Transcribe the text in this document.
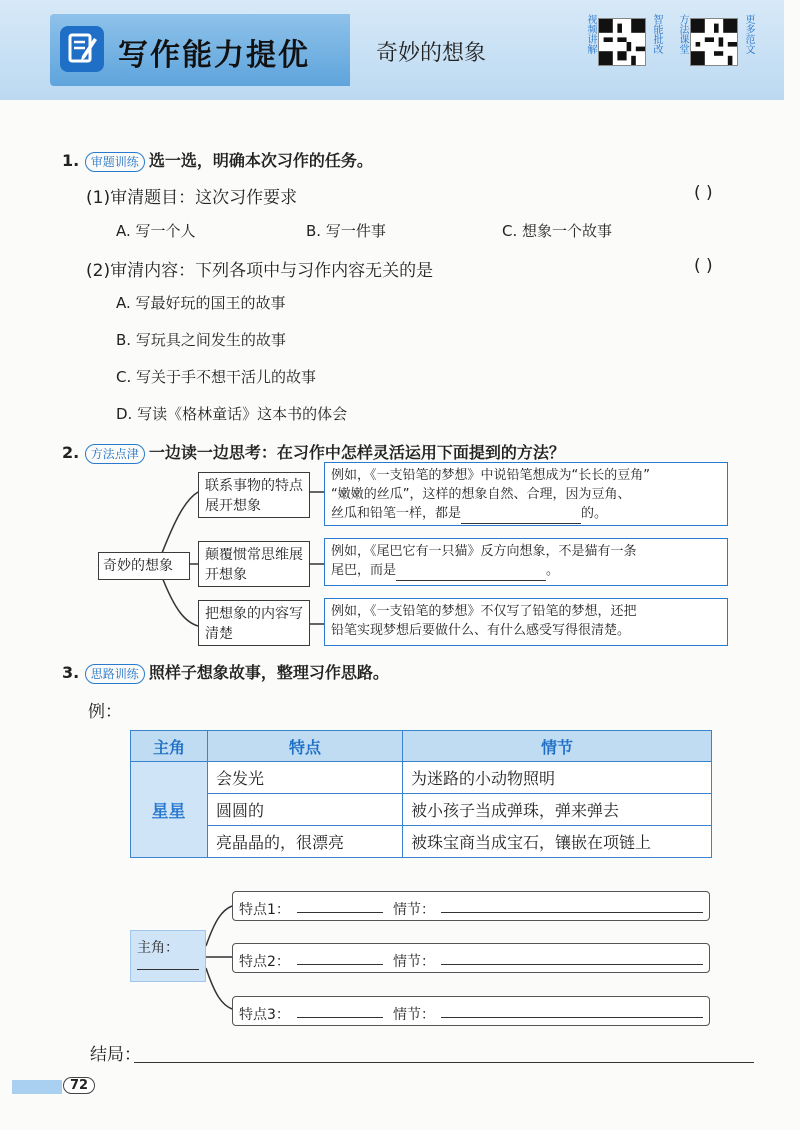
写作能力提优	奇妙的想象	视频讲解	智能批改 方法课堂	更多范文
1. 审题训练 选一选，明确本次习作的任务。
(1)审清题目：这次习作要求	( )
A. 写一个人	B. 写一件事	C. 想象一个故事
(2)审清内容：下列各项中与习作内容无关的是	( )
A. 写最好玩的国王的故事
B. 写玩具之间发生的故事
C. 写关于手不想干活儿的故事
D. 写读《格林童话》这本书的体会
2. 方法点津 一边读一边思考：在习作中怎样灵活运用下面提到的方法？
奇妙的想象
联系事物的特点展开想象
例如，《一支铅笔的梦想》中说铅笔想成为“长长的豆角”
“嫩嫩的丝瓜”，这样的想象自然、合理，因为豆角、
丝瓜和铅笔一样，都是	的。
颠覆惯常思维展开想象
例如，《尾巴它有一只猫》反方向想象，不是猫有一条
尾巴，而是	。
把想象的内容写清楚
例如，《一支铅笔的梦想》不仅写了铅笔的梦想，还把
铅笔实现梦想后要做什么、有什么感受写得很清楚。
3. 思路训练 照样子想象故事，整理习作思路。
例：
主角	特点	情节
星星	会发光	为迷路的小动物照明
	圆圆的	被小孩子当成弹珠，弹来弹去
	亮晶晶的，很漂亮	被珠宝商当成宝石，镶嵌在项链上
主角：
特点1：	情节：
特点2：	情节：
特点3：	情节：
结局：
72
